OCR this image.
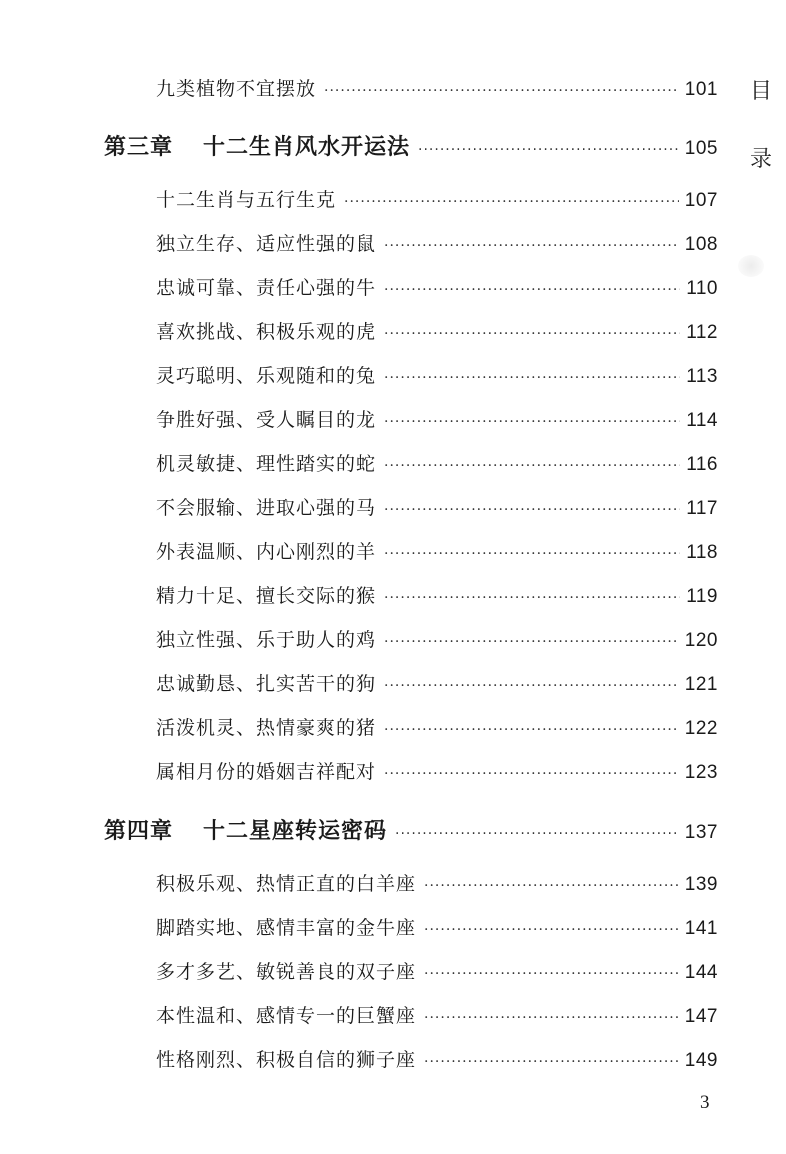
目
录
九类植物不宜摆放 ·····	101
第三章 十二生肖风水开运法 ·····	105
十二生肖与五行生克 ·····	107
独立生存、适应性强的鼠 ·····	108
忠诚可靠、责任心强的牛 ·····	110
喜欢挑战、积极乐观的虎 ·····	112
灵巧聪明、乐观随和的兔 ·····	113
争胜好强、受人瞩目的龙 ·····	114
机灵敏捷、理性踏实的蛇 ·····	116
不会服输、进取心强的马 ·····	117
外表温顺、内心刚烈的羊 ·····	118
精力十足、擅长交际的猴 ·····	119
独立性强、乐于助人的鸡 ·····	120
忠诚勤恳、扎实苦干的狗 ·····	121
活泼机灵、热情豪爽的猪 ·····	122
属相月份的婚姻吉祥配对 ·····	123
第四章 十二星座转运密码 ·····	137
积极乐观、热情正直的白羊座 ·····	139
脚踏实地、感情丰富的金牛座 ·····	141
多才多艺、敏锐善良的双子座 ·····	144
本性温和、感情专一的巨蟹座 ·····	147
性格刚烈、积极自信的狮子座 ·····	149
3
